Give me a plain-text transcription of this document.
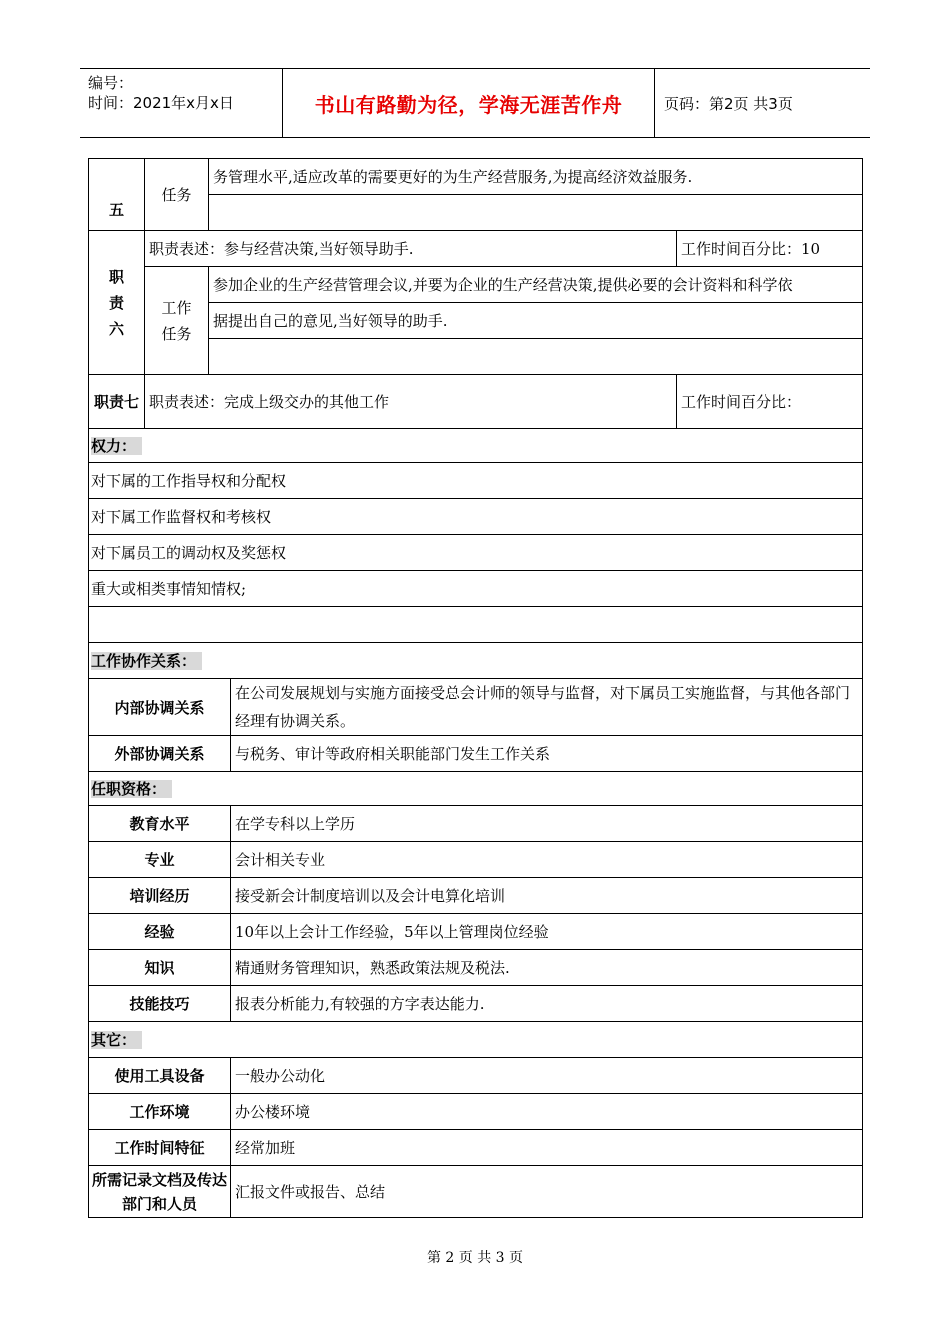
编号：
时间：2021年x月x日	书山有路勤为径，学海无涯苦作舟	页码：第2页 共3页
五	任务	务管理水平,适应改革的需要更好的为生产经营服务,为提高经济效益服务.		

职责六	职责表述：参与经营决策,当好领导助手.			工作时间百分比：10
	工作任务	参加企业的生产经营管理会议,并要为企业的生产经营决策,提供必要的会计资料和科学依		
		据提出自己的意见,当好领导的助手.		

职责七	职责表述：完成上级交办的其他工作			工作时间百分比：
权力：				
对下属的工作指导权和分配权				
对下属工作监督权和考核权				
对下属员工的调动权及奖惩权				
重大或相类事情知情权;				

工作协作关系：				
内部协调关系			在公司发展规划与实施方面接受总会计师的领导与监督，对下属员工实施监督，与其他各部门经理有协调关系。	
外部协调关系			与税务、审计等政府相关职能部门发生工作关系	
任职资格：				
教育水平			在学专科以上学历	
专业			会计相关专业	
培训经历			接受新会计制度培训以及会计电算化培训	
经验			10年以上会计工作经验，5年以上管理岗位经验	
知识			精通财务管理知识，熟悉政策法规及税法.	
技能技巧			报表分析能力,有较强的方字表达能力.	
其它：				
使用工具设备			一般办公动化	
工作环境			办公楼环境	
工作时间特征			经常加班	
所需记录文档及传达部门和人员			汇报文件或报告、总结	
第 2 页 共 3 页
